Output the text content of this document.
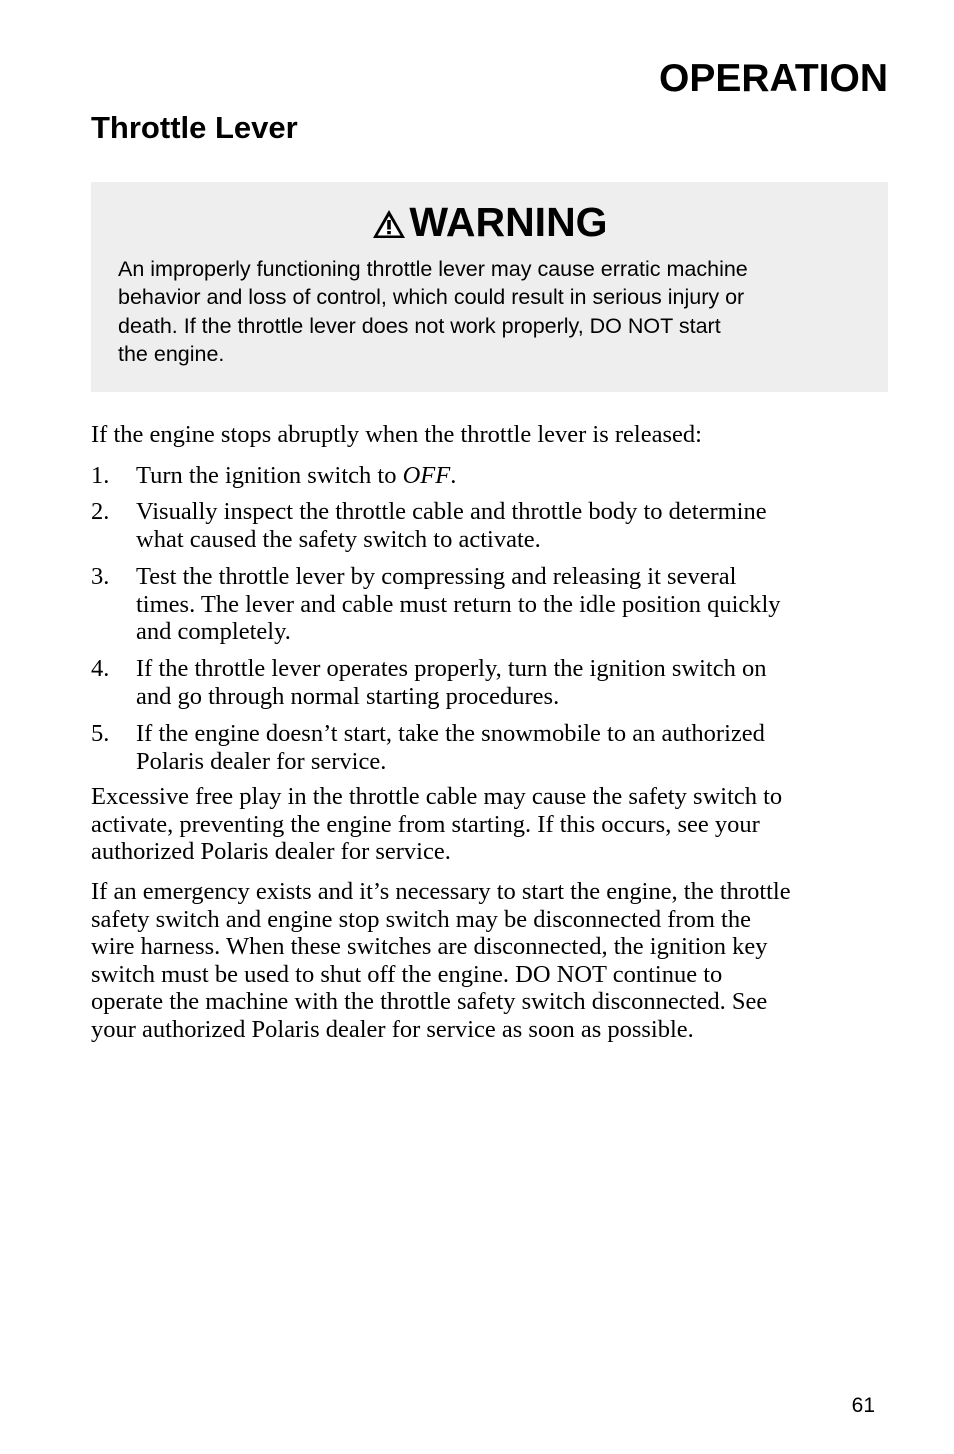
OPERATION
Throttle Lever
WARNING

An improperly functioning throttle lever may cause erratic machine
behavior and loss of control, which could result in serious injury or
death. If the throttle lever does not work properly, DO NOT start
the engine.

If the engine stops abruptly when the throttle lever is released:

1.	Turn the ignition switch to OFF.
2.	Visually inspect the throttle cable and throttle body to determine
what caused the safety switch to activate.
3.	Test the throttle lever by compressing and releasing it several
times. The lever and cable must return to the idle position quickly
and completely.
4.	If the throttle lever operates properly, turn the ignition switch on
and go through normal starting procedures.
5.	If the engine doesn’t start, take the snowmobile to an authorized
Polaris dealer for service.

Excessive free play in the throttle cable may cause the safety switch to
activate, preventing the engine from starting. If this occurs, see your
authorized Polaris dealer for service.

If an emergency exists and it’s necessary to start the engine, the throttle
safety switch and engine stop switch may be disconnected from the
wire harness. When these switches are disconnected, the ignition key
switch must be used to shut off the engine. DO NOT continue to
operate the machine with the throttle safety switch disconnected. See
your authorized Polaris dealer for service as soon as possible.

61
